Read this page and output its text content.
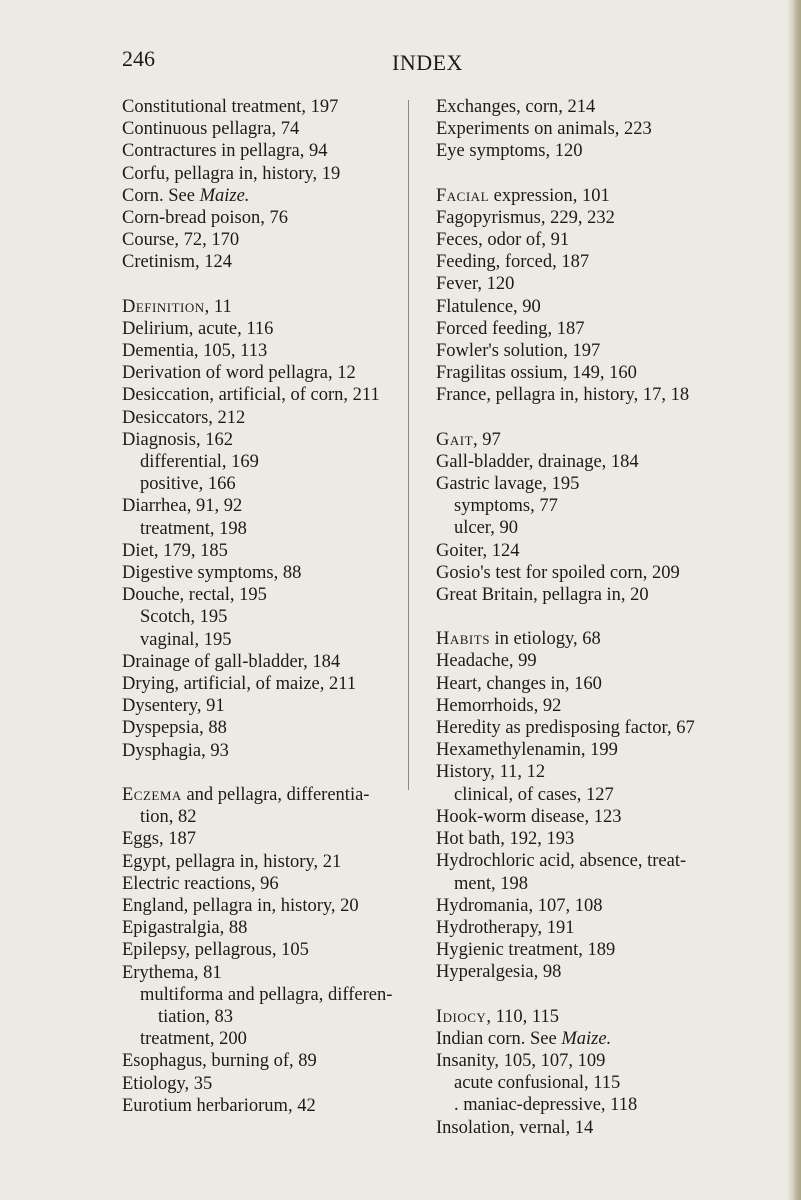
246	INDEX
Constitutional treatment, 197
Continuous pellagra, 74
Contractures in pellagra, 94
Corfu, pellagra in, history, 19
Corn. See Maize.
Corn-bread poison, 76
Course, 72, 170
Cretinism, 124
Definition, 11
Delirium, acute, 116
Dementia, 105, 113
Derivation of word pellagra, 12
Desiccation, artificial, of corn, 211
Desiccators, 212
Diagnosis, 162
differential, 169
positive, 166
Diarrhea, 91, 92
treatment, 198
Diet, 179, 185
Digestive symptoms, 88
Douche, rectal, 195
Scotch, 195
vaginal, 195
Drainage of gall-bladder, 184
Drying, artificial, of maize, 211
Dysentery, 91
Dyspepsia, 88
Dysphagia, 93
Eczema and pellagra, differentia-
tion, 82
Eggs, 187
Egypt, pellagra in, history, 21
Electric reactions, 96
England, pellagra in, history, 20
Epigastralgia, 88
Epilepsy, pellagrous, 105
Erythema, 81
multiforma and pellagra, differen-
tiation, 83
treatment, 200
Esophagus, burning of, 89
Etiology, 35
Eurotium herbariorum, 42
Exchanges, corn, 214
Experiments on animals, 223
Eye symptoms, 120
Facial expression, 101
Fagopyrismus, 229, 232
Feces, odor of, 91
Feeding, forced, 187
Fever, 120
Flatulence, 90
Forced feeding, 187
Fowler's solution, 197
Fragilitas ossium, 149, 160
France, pellagra in, history, 17, 18
Gait, 97
Gall-bladder, drainage, 184
Gastric lavage, 195
symptoms, 77
ulcer, 90
Goiter, 124
Gosio's test for spoiled corn, 209
Great Britain, pellagra in, 20
Habits in etiology, 68
Headache, 99
Heart, changes in, 160
Hemorrhoids, 92
Heredity as predisposing factor, 67
Hexamethylenamin, 199
History, 11, 12
clinical, of cases, 127
Hook-worm disease, 123
Hot bath, 192, 193
Hydrochloric acid, absence, treat-
ment, 198
Hydromania, 107, 108
Hydrotherapy, 191
Hygienic treatment, 189
Hyperalgesia, 98
Idiocy, 110, 115
Indian corn. See Maize.
Insanity, 105, 107, 109
acute confusional, 115
. maniac-depressive, 118
Insolation, vernal, 14
